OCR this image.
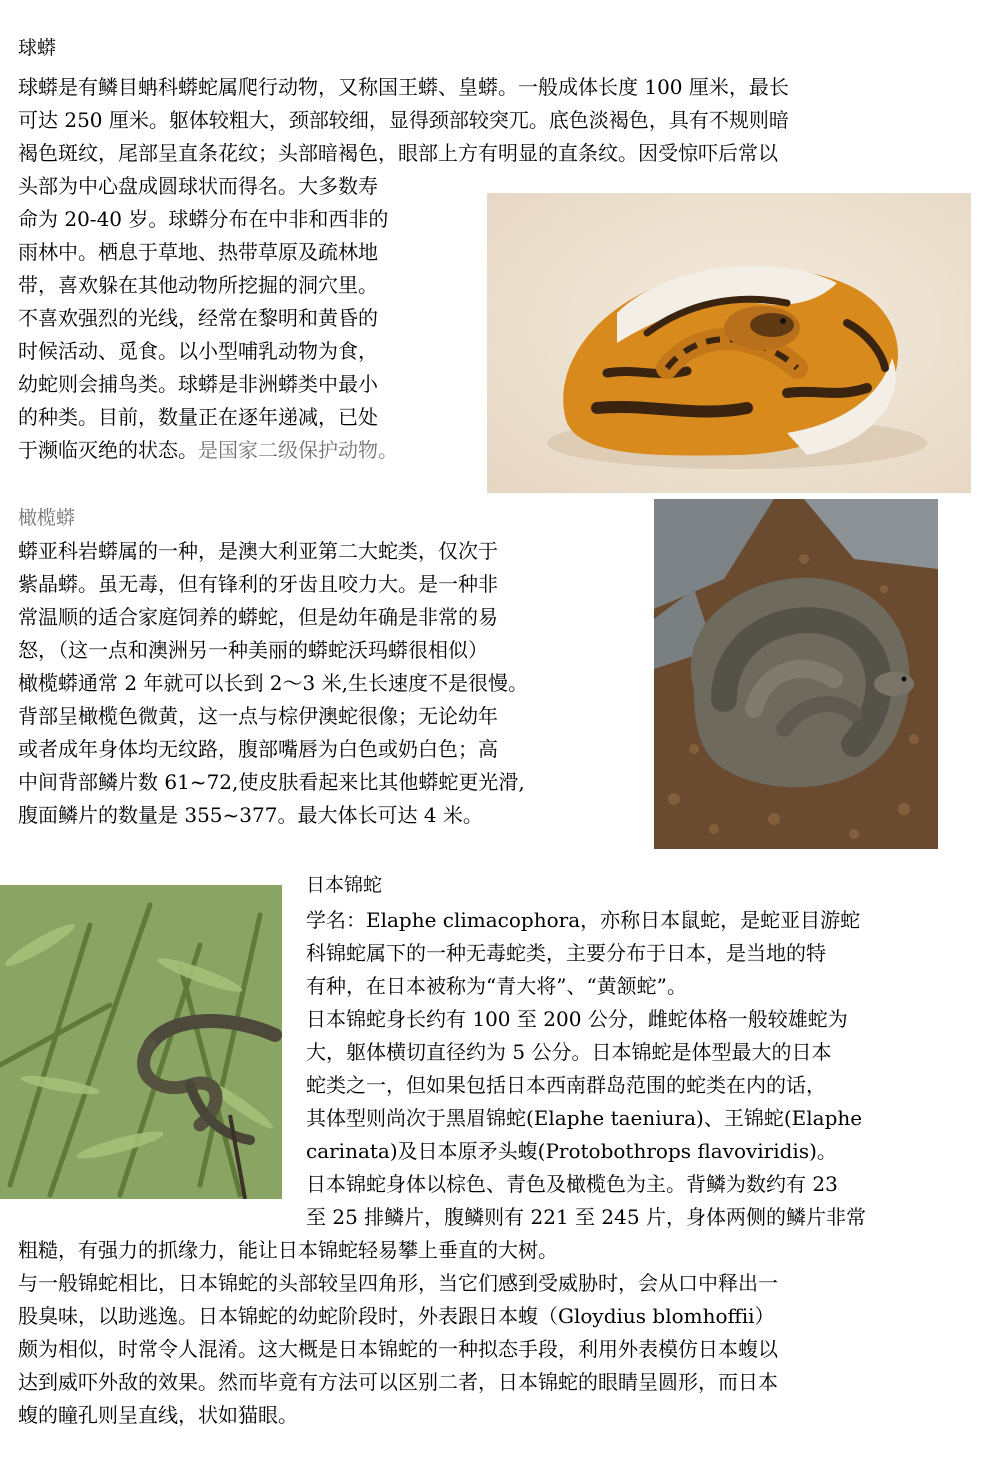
球蟒
球蟒是有鳞目蚺科蟒蛇属爬行动物，又称国王蟒、皇蟒。一般成体长度 100 厘米，最长
可达 250 厘米。躯体较粗大，颈部较细，显得颈部较突兀。底色淡褐色，具有不规则暗
褐色斑纹，尾部呈直条花纹；头部暗褐色，眼部上方有明显的直条纹。因受惊吓后常以
头部为中心盘成圆球状而得名。大多数寿
命为 20-40 岁。球蟒分布在中非和西非的
雨林中。栖息于草地、热带草原及疏林地
带，喜欢躲在其他动物所挖掘的洞穴里。
不喜欢强烈的光线，经常在黎明和黄昏的
时候活动、觅食。以小型哺乳动物为食，
幼蛇则会捕鸟类。球蟒是非洲蟒类中最小
的种类。目前，数量正在逐年递减，已处
于濒临灭绝的状态。是国家二级保护动物。
橄榄蟒
蟒亚科岩蟒属的一种，是澳大利亚第二大蛇类，仅次于
紫晶蟒。虽无毒，但有锋利的牙齿且咬力大。是一种非
常温顺的适合家庭饲养的蟒蛇，但是幼年确是非常的易
怒，（这一点和澳洲另一种美丽的蟒蛇沃玛蟒很相似）
橄榄蟒通常 2 年就可以长到 2～3 米,生长速度不是很慢。
背部呈橄榄色微黄，这一点与棕伊澳蛇很像；无论幼年
或者成年身体均无纹路，腹部嘴唇为白色或奶白色；高
中间背部鳞片数 61~72,使皮肤看起来比其他蟒蛇更光滑,
腹面鳞片的数量是 355~377。最大体长可达 4 米。
日本锦蛇
学名：Elaphe climacophora，亦称日本鼠蛇，是蛇亚目游蛇
科锦蛇属下的一种无毒蛇类，主要分布于日本，是当地的特
有种，在日本被称为“青大将”、“黄颔蛇”。
日本锦蛇身长约有 100 至 200 公分，雌蛇体格一般较雄蛇为
大，躯体横切直径约为 5 公分。日本锦蛇是体型最大的日本
蛇类之一，但如果包括日本西南群岛范围的蛇类在内的话，
其体型则尚次于黑眉锦蛇(Elaphe taeniura)、王锦蛇(Elaphe
carinata)及日本原矛头蝮(Protobothrops flavoviridis)。
日本锦蛇身体以棕色、青色及橄榄色为主。背鳞为数约有 23
至 25 排鳞片，腹鳞则有 221 至 245 片，身体两侧的鳞片非常
粗糙，有强力的抓缘力，能让日本锦蛇轻易攀上垂直的大树。
与一般锦蛇相比，日本锦蛇的头部较呈四角形，当它们感到受威胁时，会从口中释出一
股臭味，以助逃逸。日本锦蛇的幼蛇阶段时，外表跟日本蝮（Gloydius blomhoffii）
颇为相似，时常令人混淆。这大概是日本锦蛇的一种拟态手段，利用外表模仿日本蝮以
达到威吓外敌的效果。然而毕竟有方法可以区别二者，日本锦蛇的眼睛呈圆形，而日本
蝮的瞳孔则呈直线，状如猫眼。
